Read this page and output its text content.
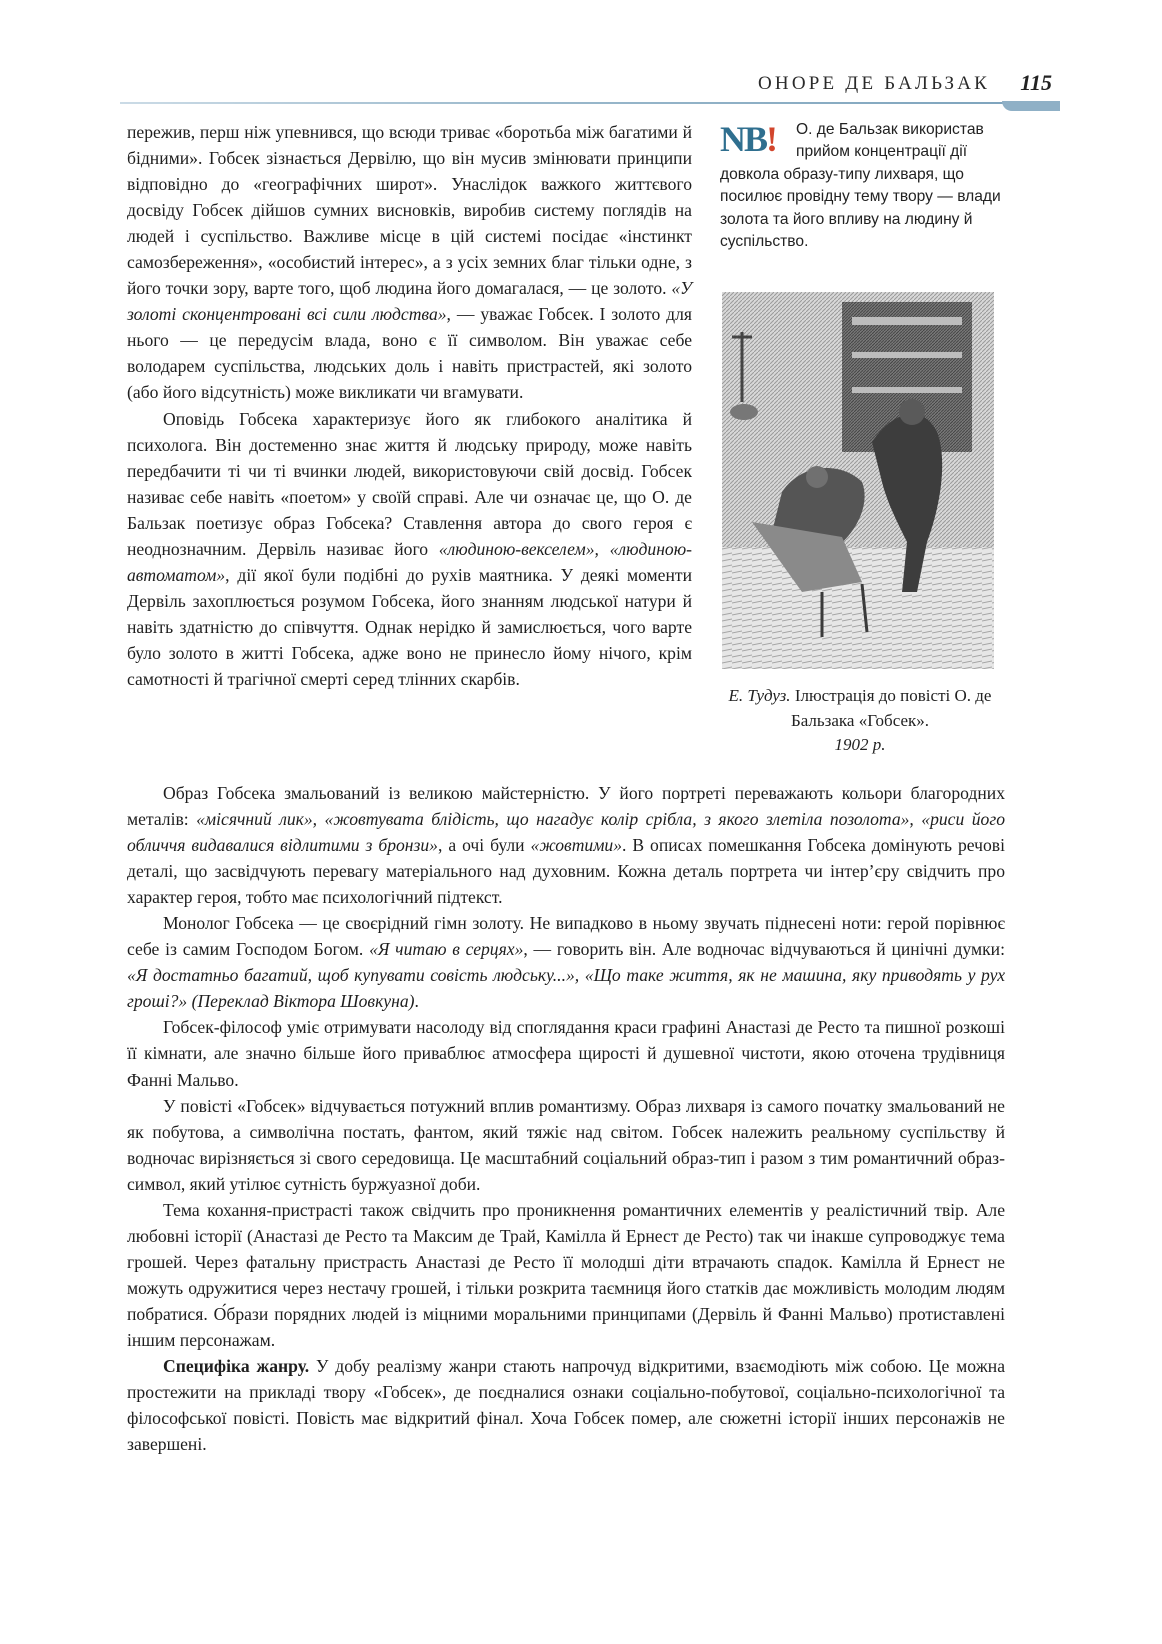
ОНОРЕ ДЕ БАЛЬЗАК 115

пережив, перш ніж упевнився, що всюди триває «боротьба між багатими й бідними». Гобсек зізнається Дервілю, що він мусив змінювати принципи відповідно до «географічних широт». Унаслідок важкого життєвого досвіду Гобсек дійшов сумних висновків, виробив систему поглядів на людей і суспільство. Важливе місце в цій системі посідає «інстинкт самозбереження», «особистий інтерес», а з усіх земних благ тільки одне, з його точки зору, варте того, щоб людина його домагалася, — це золото. «У золоті сконцентровані всі сили людства», — уважає Гобсек. І золото для нього — це передусім влада, воно є її символом. Він уважає себе володарем суспільства, людських доль і навіть пристрастей, які золото (або його відсутність) може викликати чи вгамувати.

Оповідь Гобсека характеризує його як глибокого аналітика й психолога. Він достеменно знає життя й людську природу, може навіть передбачити ті чи ті вчинки людей, використовуючи свій досвід. Гобсек називає себе навіть «поетом» у своїй справі. Але чи означає це, що О. де Бальзак поетизує образ Гобсека? Ставлення автора до свого героя є неоднозначним. Дервіль називає його «людиною-векселем», «людиною-автоматом», дії якої були подібні до рухів маятника. У деякі моменти Дервіль захоплюється розумом Гобсека, його знанням людської натури й навіть здатністю до співчуття. Однак нерідко й замислюється, чого варте було золото в житті Гобсека, адже воно не принесло йому нічого, крім самотності й трагічної смерті серед тлінних скарбів.

NB!	О. де Бальзак використав прийом концентрації дії довкола образу-типу лихваря, що посилює провідну тему твору — влади золота та його впливу на людину й суспільство.
Е. Тудуз. Ілюстрація до повісті О. де Бальзака «Гобсек».
1902 р.

Образ Гобсека змальований із великою майстерністю. У його портреті переважають кольори благородних металів: «місячний лик», «жовтувата блідість, що нагадує колір срібла, з якого злетіла позолота», «риси його обличчя видавалися відлитими з бронзи», а очі були «жовтими». В описах помешкання Гобсека домінують речові деталі, що засвідчують перевагу матеріального над духовним. Кожна деталь портрета чи інтер’єру свідчить про характер героя, тобто має психологічний підтекст.

Монолог Гобсека — це своєрідний гімн золоту. Не випадково в ньому звучать піднесені ноти: герой порівнює себе із самим Господом Богом. «Я читаю в серцях», — говорить він. Але водночас відчуваються й цинічні думки: «Я достатньо багатий, щоб купувати совість людську...», «Що таке життя, як не машина, яку приводять у рух гроші?» (Переклад Віктора Шовкуна).

Гобсек-філософ уміє отримувати насолоду від споглядання краси графині Анастазі де Ресто та пишної розкоші її кімнати, але значно більше його приваблює атмосфера щирості й душевної чистоти, якою оточена трудівниця Фанні Мальво.

У повісті «Гобсек» відчувається потужний вплив романтизму. Образ лихваря із самого початку змальований не як побутова, а символічна постать, фантом, який тяжіє над світом. Гобсек належить реальному суспільству й водночас вирізняється зі свого середовища. Це масштабний соціальний образ-тип і разом з тим романтичний образ-символ, який утілює сутність буржуазної доби.

Тема кохання-пристрасті також свідчить про проникнення романтичних елементів у реалістичний твір. Але любовні історії (Анастазі де Ресто та Максим де Трай, Камілла й Ернест де Ресто) так чи інакше супроводжує тема грошей. Через фатальну пристрасть Анастазі де Ресто її молодші діти втрачають спадок. Камілла й Ернест не можуть одружитися через нестачу грошей, і тільки розкрита таємниця його статків дає можливість молодим людям побратися. О́брази порядних людей із міцними моральними принципами (Дервіль й Фанні Мальво) протиставлені іншим персонажам.

Специфіка жанру. У добу реалізму жанри стають напрочуд відкритими, взаємодіють між собою. Це можна простежити на прикладі твору «Гобсек», де поєдналися ознаки соціально-побутової, соціально-психологічної та філософської повісті. Повість має відкритий фінал. Хоча Гобсек помер, але сюжетні історії інших персонажів не завершені.
